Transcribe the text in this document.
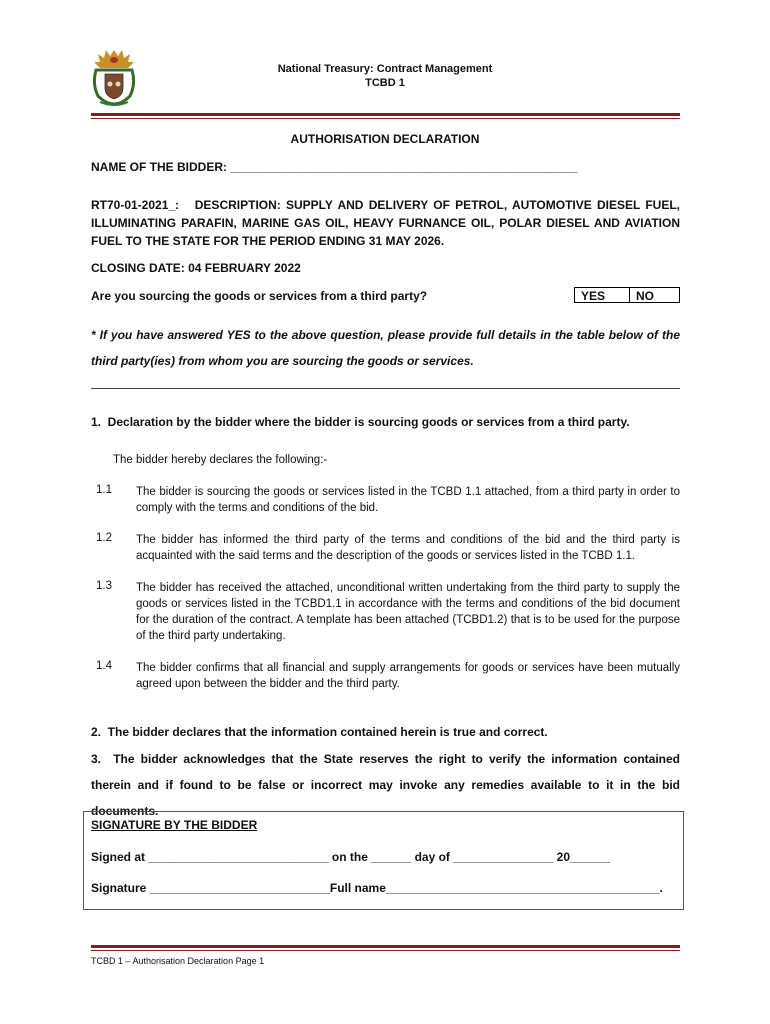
National Treasury: Contract Management
TCBD 1
AUTHORISATION DECLARATION
NAME OF THE BIDDER: ____________________________________________________
RT70-01-2021_: DESCRIPTION: SUPPLY AND DELIVERY OF PETROL, AUTOMOTIVE DIESEL FUEL, ILLUMINATING PARAFIN, MARINE GAS OIL, HEAVY FURNANCE OIL, POLAR DIESEL AND AVIATION FUEL TO THE STATE FOR THE PERIOD ENDING 31 MAY 2026.
CLOSING DATE: 04 FEBRUARY 2022
Are you sourcing the goods or services from a third party?	YES	NO
* If you have answered YES to the above question, please provide full details in the table below of the third party(ies) from whom you are sourcing the goods or services.
1.  Declaration by the bidder where the bidder is sourcing goods or services from a third party.
The bidder hereby declares the following:-
1.1 The bidder is sourcing the goods or services listed in the TCBD 1.1 attached, from a third party in order to comply with the terms and conditions of the bid.
1.2 The bidder has informed the third party of the terms and conditions of the bid and the third party is acquainted with the said terms and the description of the goods or services listed in the TCBD 1.1.
1.3 The bidder has received the attached, unconditional written undertaking from the third party to supply the goods or services listed in the TCBD1.1 in accordance with the terms and conditions of the bid document for the duration of the contract. A template has been attached (TCBD1.2) that is to be used for the purpose of the third party undertaking.
1.4 The bidder confirms that all financial and supply arrangements for goods or services have been mutually agreed upon between the bidder and the third party.
2.  The bidder declares that the information contained herein is true and correct.
3.  The bidder acknowledges that the State reserves the right to verify the information contained therein and if found to be false or incorrect may invoke any remedies available to it in the bid documents.
SIGNATURE BY THE BIDDER
Signed at ___________________________ on the ______ day of _______________ 20______
Signature ___________________________Full name_________________________________________.
TCBD 1 – Authorisation Declaration Page 1
